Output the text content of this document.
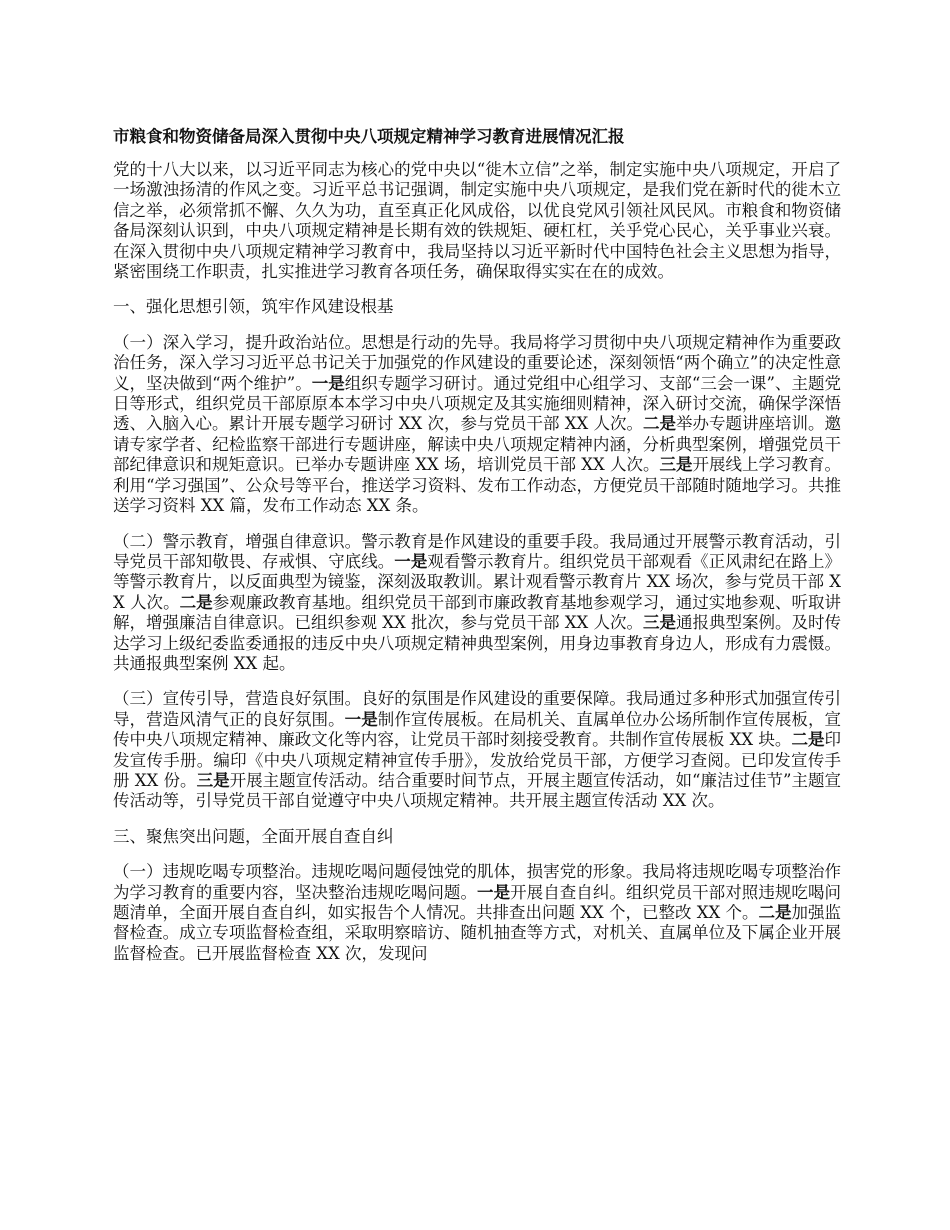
市粮食和物资储备局深入贯彻中央八项规定精神学习教育进展情况汇报

党的十八大以来，以习近平同志为核心的党中央以“徙木立信”之举，制定实施中央八项规定，开启了一场激浊扬清的作风之变。习近平总书记强调，制定实施中央八项规定，是我们党在新时代的徙木立信之举，必须常抓不懈、久久为功，直至真正化风成俗，以优良党风引领社风民风。市粮食和物资储备局深刻认识到，中央八项规定精神是长期有效的铁规矩、硬杠杠，关乎党心民心，关乎事业兴衰。在深入贯彻中央八项规定精神学习教育中，我局坚持以习近平新时代中国特色社会主义思想为指导，紧密围绕工作职责，扎实推进学习教育各项任务，确保取得实实在在的成效。

一、强化思想引领，筑牢作风建设根基

（一）深入学习，提升政治站位。思想是行动的先导。我局将学习贯彻中央八项规定精神作为重要政治任务，深入学习习近平总书记关于加强党的作风建设的重要论述，深刻领悟“两个确立”的决定性意义，坚决做到“两个维护”。一是组织专题学习研讨。通过党组中心组学习、支部“三会一课”、主题党日等形式，组织党员干部原原本本学习中央八项规定及其实施细则精神，深入研讨交流，确保学深悟透、入脑入心。累计开展专题学习研讨 XX 次，参与党员干部 XX 人次。二是举办专题讲座培训。邀请专家学者、纪检监察干部进行专题讲座，解读中央八项规定精神内涵，分析典型案例，增强党员干部纪律意识和规矩意识。已举办专题讲座 XX 场，培训党员干部 XX 人次。三是开展线上学习教育。利用“学习强国”、公众号等平台，推送学习资料、发布工作动态，方便党员干部随时随地学习。共推送学习资料 XX 篇，发布工作动态 XX 条。

（二）警示教育，增强自律意识。警示教育是作风建设的重要手段。我局通过开展警示教育活动，引导党员干部知敬畏、存戒惧、守底线。一是观看警示教育片。组织党员干部观看《正风肃纪在路上》等警示教育片，以反面典型为镜鉴，深刻汲取教训。累计观看警示教育片 XX 场次，参与党员干部 XX 人次。二是参观廉政教育基地。组织党员干部到市廉政教育基地参观学习，通过实地参观、听取讲解，增强廉洁自律意识。已组织参观 XX 批次，参与党员干部 XX 人次。三是通报典型案例。及时传达学习上级纪委监委通报的违反中央八项规定精神典型案例，用身边事教育身边人，形成有力震慑。共通报典型案例 XX 起。

（三）宣传引导，营造良好氛围。良好的氛围是作风建设的重要保障。我局通过多种形式加强宣传引导，营造风清气正的良好氛围。一是制作宣传展板。在局机关、直属单位办公场所制作宣传展板，宣传中央八项规定精神、廉政文化等内容，让党员干部时刻接受教育。共制作宣传展板 XX 块。二是印发宣传手册。编印《中央八项规定精神宣传手册》，发放给党员干部，方便学习查阅。已印发宣传手册 XX 份。三是开展主题宣传活动。结合重要时间节点，开展主题宣传活动，如“廉洁过佳节”主题宣传活动等，引导党员干部自觉遵守中央八项规定精神。共开展主题宣传活动 XX 次。

三、聚焦突出问题，全面开展自查自纠

（一）违规吃喝专项整治。违规吃喝问题侵蚀党的肌体，损害党的形象。我局将违规吃喝专项整治作为学习教育的重要内容，坚决整治违规吃喝问题。一是开展自查自纠。组织党员干部对照违规吃喝问题清单，全面开展自查自纠，如实报告个人情况。共排查出问题 XX 个，已整改 XX 个。二是加强监督检查。成立专项监督检查组，采取明察暗访、随机抽查等方式，对机关、直属单位及下属企业开展监督检查。已开展监督检查 XX 次，发现问
